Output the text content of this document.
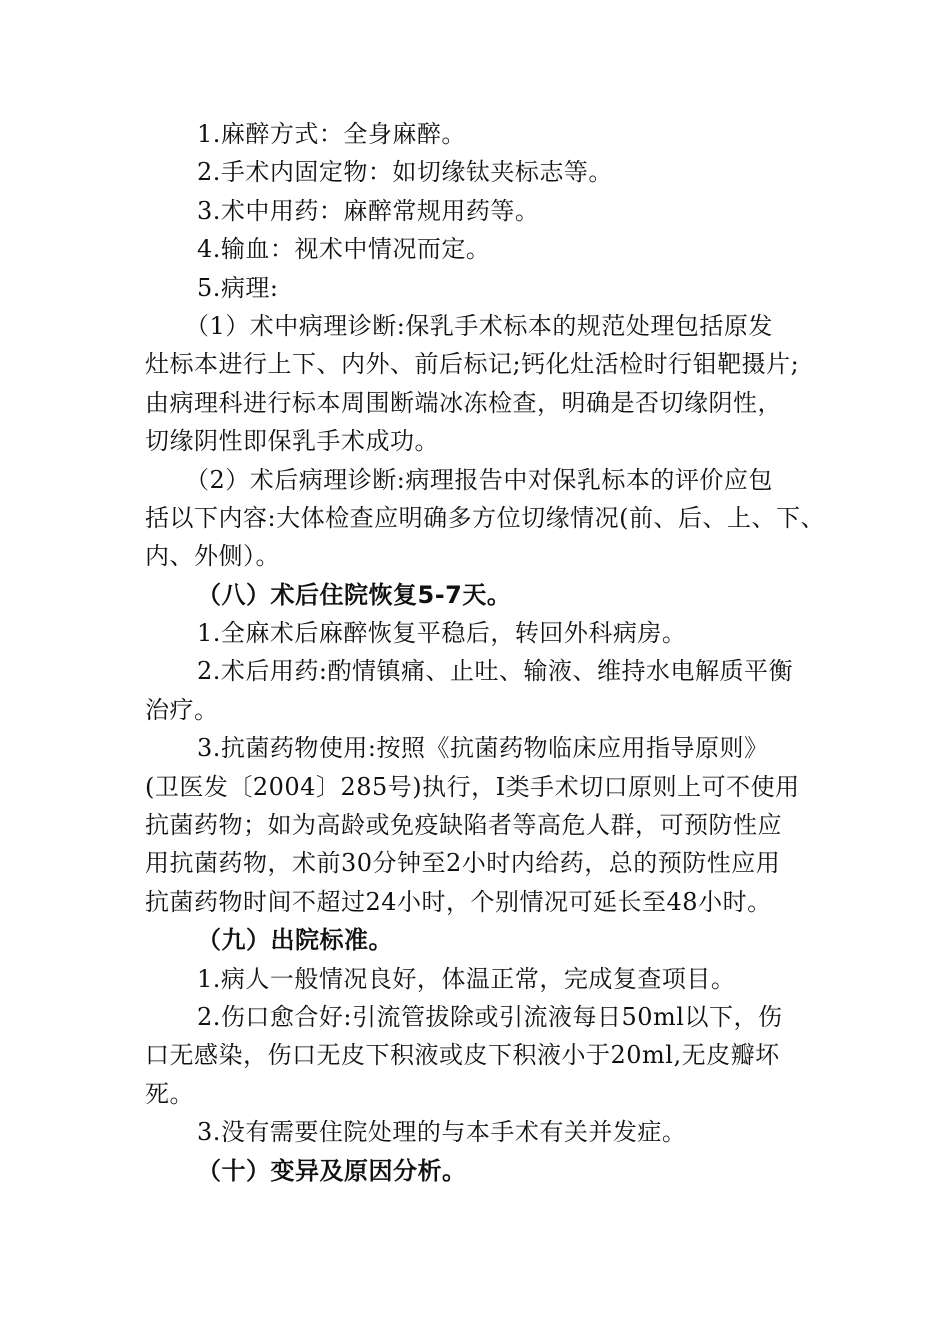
1.麻醉方式：全身麻醉。
2.手术内固定物：如切缘钛夹标志等。
3.术中用药：麻醉常规用药等。
4.输血：视术中情况而定。
5.病理:
（1）术中病理诊断:保乳手术标本的规范处理包括原发
灶标本进行上下、内外、前后标记;钙化灶活检时行钼靶摄片;
由病理科进行标本周围断端冰冻检查，明确是否切缘阴性，
切缘阴性即保乳手术成功。
（2）术后病理诊断:病理报告中对保乳标本的评价应包
括以下内容:大体检查应明确多方位切缘情况(前、后、上、下、
内、外侧）。
（八）术后住院恢复5-7天。
1.全麻术后麻醉恢复平稳后，转回外科病房。
2.术后用药:酌情镇痛、止吐、输液、维持水电解质平衡
治疗。
3.抗菌药物使用:按照《抗菌药物临床应用指导原则》
(卫医发〔2004〕285号)执行，I类手术切口原则上可不使用
抗菌药物；如为高龄或免疫缺陷者等高危人群，可预防性应
用抗菌药物，术前30分钟至2小时内给药，总的预防性应用
抗菌药物时间不超过24小时，个别情况可延长至48小时。
（九）出院标准。
1.病人一般情况良好，体温正常，完成复查项目。
2.伤口愈合好:引流管拔除或引流液每日50ml以下，伤
口无感染，伤口无皮下积液或皮下积液小于20ml,无皮瓣坏
死。
3.没有需要住院处理的与本手术有关并发症。
（十）变异及原因分析。
